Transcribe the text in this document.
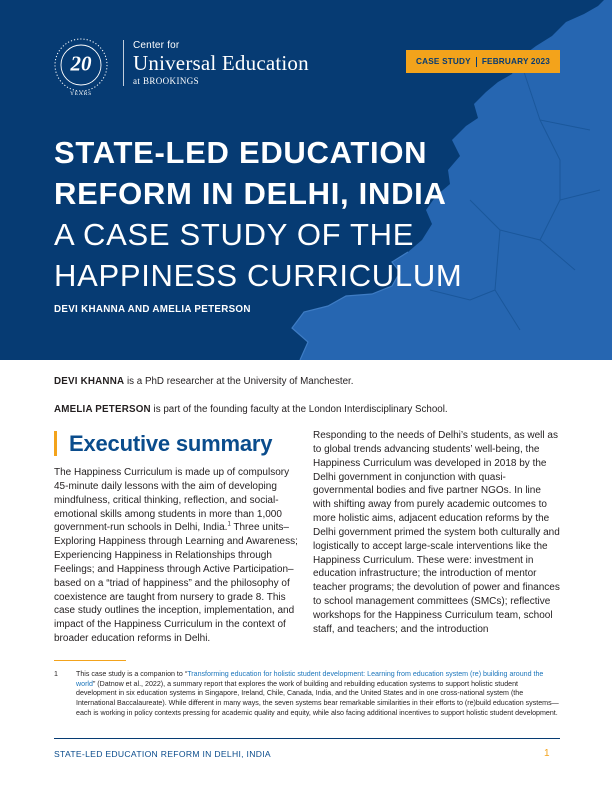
20
YEARS
Center for
Universal Education
at BROOKINGS
CASE STUDY FEBRUARY 2023
STATE-LED EDUCATION
REFORM IN DELHI, INDIA
A CASE STUDY OF THE
HAPPINESS CURRICULUM
DEVI KHANNA AND AMELIA PETERSON
DEVI KHANNA is a PhD researcher at the University of Manchester.
AMELIA PETERSON is part of the founding faculty at the London Interdisciplinary School.
Executive summary

The Happiness Curriculum is made up of compulsory 45-minute daily lessons with the aim of developing mindfulness, critical thinking, reflection, and social-emotional skills among students in more than 1,000 government-run schools in Delhi, India.$^1$ Three units–Exploring Happiness through Learning and Awareness; Experiencing Happiness in Relationships through Feelings; and Happiness through Active Participation–based on a “triad of happiness” and the philosophy of coexistence are taught from nursery to grade 8. This case study outlines the inception, implementation, and impact of the Happiness Curriculum in the context of broader education reforms in Delhi.

Responding to the needs of Delhi’s students, as well as to global trends advancing students’ well-being, the Happiness Curriculum was developed in 2018 by the Delhi government in conjunction with quasi-governmental bodies and five partner NGOs. In line with shifting away from purely academic outcomes to more holistic aims, adjacent education reforms by the Delhi government primed the system both culturally and logistically to accept large-scale interventions like the Happiness Curriculum. These were: investment in education infrastructure; the introduction of mentor teacher programs; the devolution of power and finances to school management committees (SMCs); reflective workshops for the Happiness Curriculum team, school staff, and teachers; and the introduction

1	This case study is a companion to “Transforming education for holistic student development: Learning from education system (re) building around the world” (Datnow et al., 2022), a summary report that explores the work of building and rebuilding education systems to support holistic student development in six education systems in Singapore, Ireland, Chile, Canada, India, and the United States and in one cross-national system (the International Baccalaureate). While different in many ways, the seven systems bear remarkable similarities in their efforts to (re)build education systems—each is working in policy contexts pressing for academic quality and equity, while also facing additional incentives to support holistic student development.
STATE-LED EDUCATION REFORM IN DELHI, INDIA	1
